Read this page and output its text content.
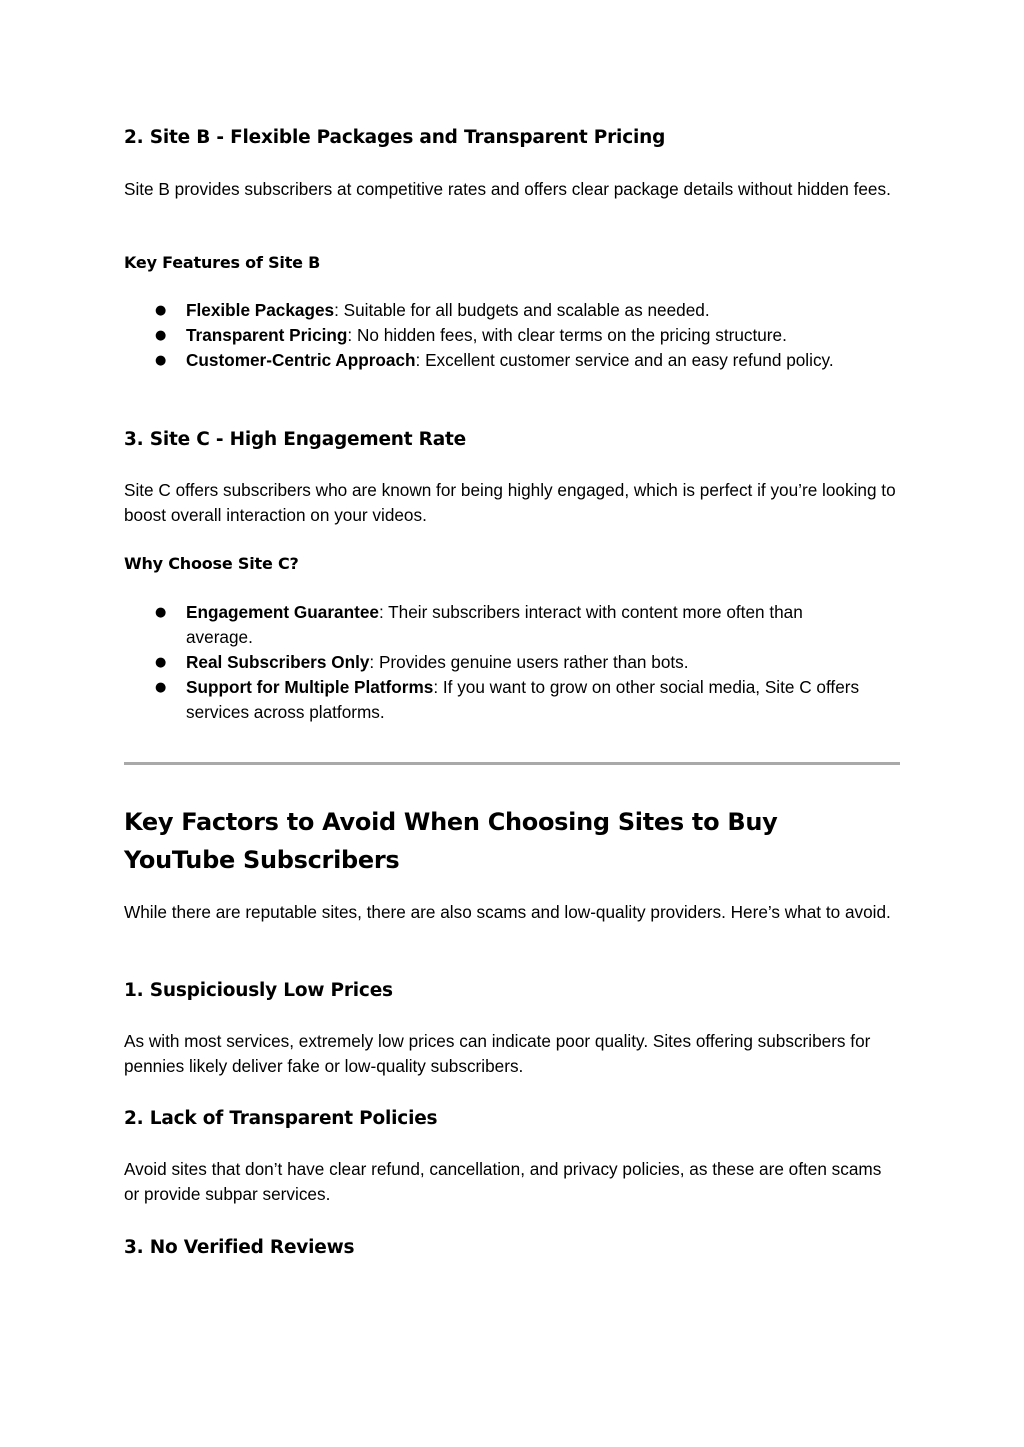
2. Site B - Flexible Packages and Transparent Pricing

Site B provides subscribers at competitive rates and offers clear package details without hidden fees.

Key Features of Site B
● Flexible Packages: Suitable for all budgets and scalable as needed.
● Transparent Pricing: No hidden fees, with clear terms on the pricing structure.
● Customer-Centric Approach: Excellent customer service and an easy refund policy.
3. Site C - High Engagement Rate

Site C offers subscribers who are known for being highly engaged, which is perfect if you’re looking to boost overall interaction on your videos.

Why Choose Site C?
● Engagement Guarantee: Their subscribers interact with content more often than average.
● Real Subscribers Only: Provides genuine users rather than bots.
● Support for Multiple Platforms: If you want to grow on other social media, Site C offers services across platforms.
Key Factors to Avoid When Choosing Sites to Buy YouTube Subscribers

While there are reputable sites, there are also scams and low-quality providers. Here’s what to avoid.

1. Suspiciously Low Prices

As with most services, extremely low prices can indicate poor quality. Sites offering subscribers for pennies likely deliver fake or low-quality subscribers.

2. Lack of Transparent Policies

Avoid sites that don’t have clear refund, cancellation, and privacy policies, as these are often scams or provide subpar services.

3. No Verified Reviews
